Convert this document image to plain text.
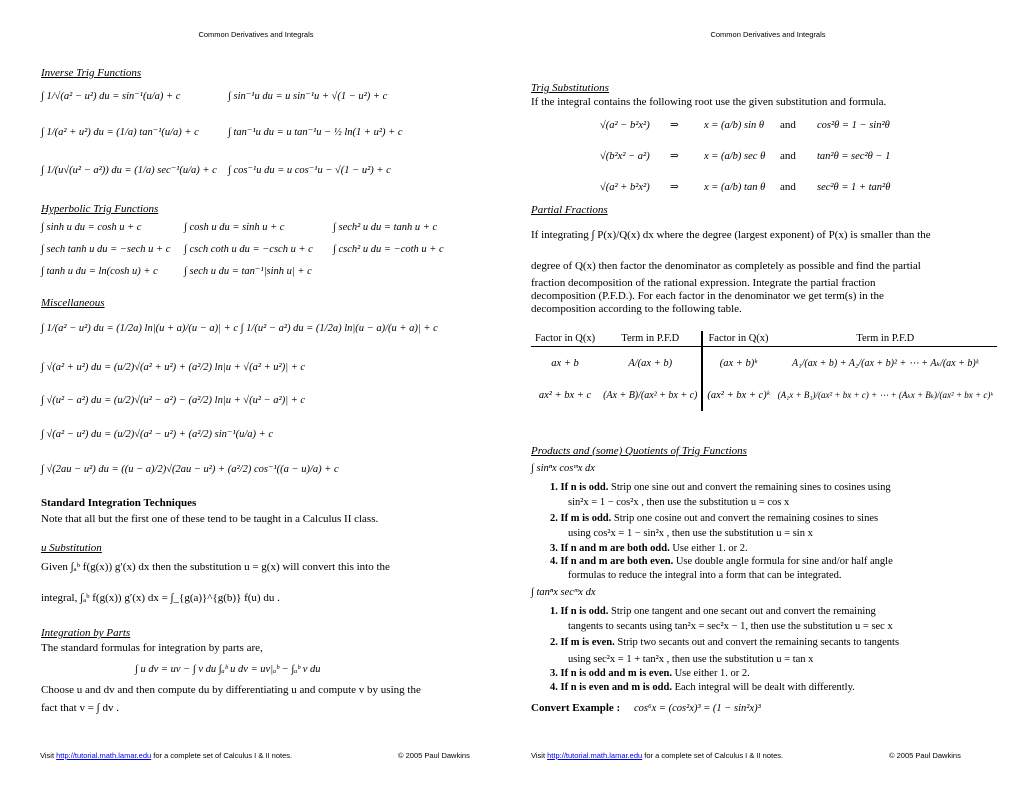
Common Derivatives and Integrals
Inverse Trig Functions
∫ 1/√(a² − u²) du = sin⁻¹(u/a) + c	∫ sin⁻¹u du = u sin⁻¹u + √(1 − u²) + c
∫ 1/(a² + u²) du = (1/a) tan⁻¹(u/a) + c	∫ tan⁻¹u du = u tan⁻¹u − ½ ln(1 + u²) + c
∫ 1/(u√(u² − a²)) du = (1/a) sec⁻¹(u/a) + c ∫ cos⁻¹u du = u cos⁻¹u − √(1 − u²) + c
Hyperbolic Trig Functions
∫ sinh u du = cosh u + c	∫ cosh u du = sinh u + c	∫ sech² u du = tanh u + c
∫ sech tanh u du = −sech u + c ∫ csch coth u du = −csch u + c ∫ csch² u du = −coth u + c
∫ tanh u du = ln(cosh u) + c ∫ sech u du = tan⁻¹|sinh u| + c
Miscellaneous
∫ 1/(a² − u²) du = (1/2a) ln|(u + a)/(u − a)| + c ∫ 1/(u² − a²) du = (1/2a) ln|(u − a)/(u + a)| + c
∫ √(a² + u²) du = (u/2)√(a² + u²) + (a²/2) ln|u + √(a² + u²)| + c
∫ √(u² − a²) du = (u/2)√(u² − a²) − (a²/2) ln|u + √(u² − a²)| + c
∫ √(a² − u²) du = (u/2)√(a² − u²) + (a²/2) sin⁻¹(u/a) + c
∫ √(2au − u²) du = ((u − a)/2)√(2au − u²) + (a²/2) cos⁻¹((a − u)/a) + c
Standard Integration Techniques
Note that all but the first one of these tend to be taught in a Calculus II class.
u Substitution
Given ∫ₐᵇ f(g(x)) g′(x) dx then the substitution u = g(x) will convert this into the
integral, ∫ₐᵇ f(g(x)) g′(x) dx = ∫_{g(a)}^{g(b)} f(u) du .
Integration by Parts
The standard formulas for integration by parts are,
∫ u dv = uv − ∫ v du ∫ₐᵇ u dv = uv|ₐᵇ − ∫ₐᵇ v du
Choose u and dv and then compute du by differentiating u and compute v by using the
fact that v = ∫ dv .
Visit http://tutorial.math.lamar.edu for a complete set of Calculus I & II notes.	© 2005 Paul Dawkins
Common Derivatives and Integrals
Trig Substitutions
If the integral contains the following root use the given substitution and formula.
√(a² − b²x²) ⇒ x = (a/b) sin θ and cos²θ = 1 − sin²θ
√(b²x² − a²) ⇒ x = (a/b) sec θ and tan²θ = sec²θ − 1
√(a² + b²x²) ⇒ x = (a/b) tan θ and sec²θ = 1 + tan²θ
Partial Fractions
If integrating ∫ P(x)/Q(x) dx where the degree (largest exponent) of P(x) is smaller than the
degree of Q(x) then factor the denominator as completely as possible and find the partial
fraction decomposition of the rational expression. Integrate the partial fraction
decomposition (P.F.D.). For each factor in the denominator we get term(s) in the
decomposition according to the following table.
Factor in Q(x)	Term in P.F.D	Factor in Q(x)	Term in P.F.D
ax + b	A/(ax + b)	(ax + b)ᵏ	A₁/(ax + b) + A₂/(ax + b)² + ⋯ + Aₖ/(ax + b)ᵏ
ax² + bx + c	(Ax + B)/(ax² + bx + c)	(ax² + bx + c)ᵏ	(A₁x + B₁)/(ax² + bx + c) + ⋯ + (Aₖx + Bₖ)/(ax² + bx + c)ᵏ
Products and (some) Quotients of Trig Functions
∫ sinⁿx cosᵐx dx
1. If n is odd. Strip one sine out and convert the remaining sines to cosines using
sin²x = 1 − cos²x , then use the substitution u = cos x
2. If m is odd. Strip one cosine out and convert the remaining cosines to sines
using cos²x = 1 − sin²x , then use the substitution u = sin x
3. If n and m are both odd. Use either 1. or 2.
4. If n and m are both even. Use double angle formula for sine and/or half angle
formulas to reduce the integral into a form that can be integrated.
∫ tanⁿx secᵐx dx
1. If n is odd. Strip one tangent and one secant out and convert the remaining
tangents to secants using tan²x = sec²x − 1, then use the substitution u = sec x
2. If m is even. Strip two secants out and convert the remaining secants to tangents
using sec²x = 1 + tan²x , then use the substitution u = tan x
3. If n is odd and m is even. Use either 1. or 2.
4. If n is even and m is odd. Each integral will be dealt with differently.
Convert Example : cos⁶x = (cos²x)³ = (1 − sin²x)³
Visit http://tutorial.math.lamar.edu for a complete set of Calculus I & II notes.	© 2005 Paul Dawkins
